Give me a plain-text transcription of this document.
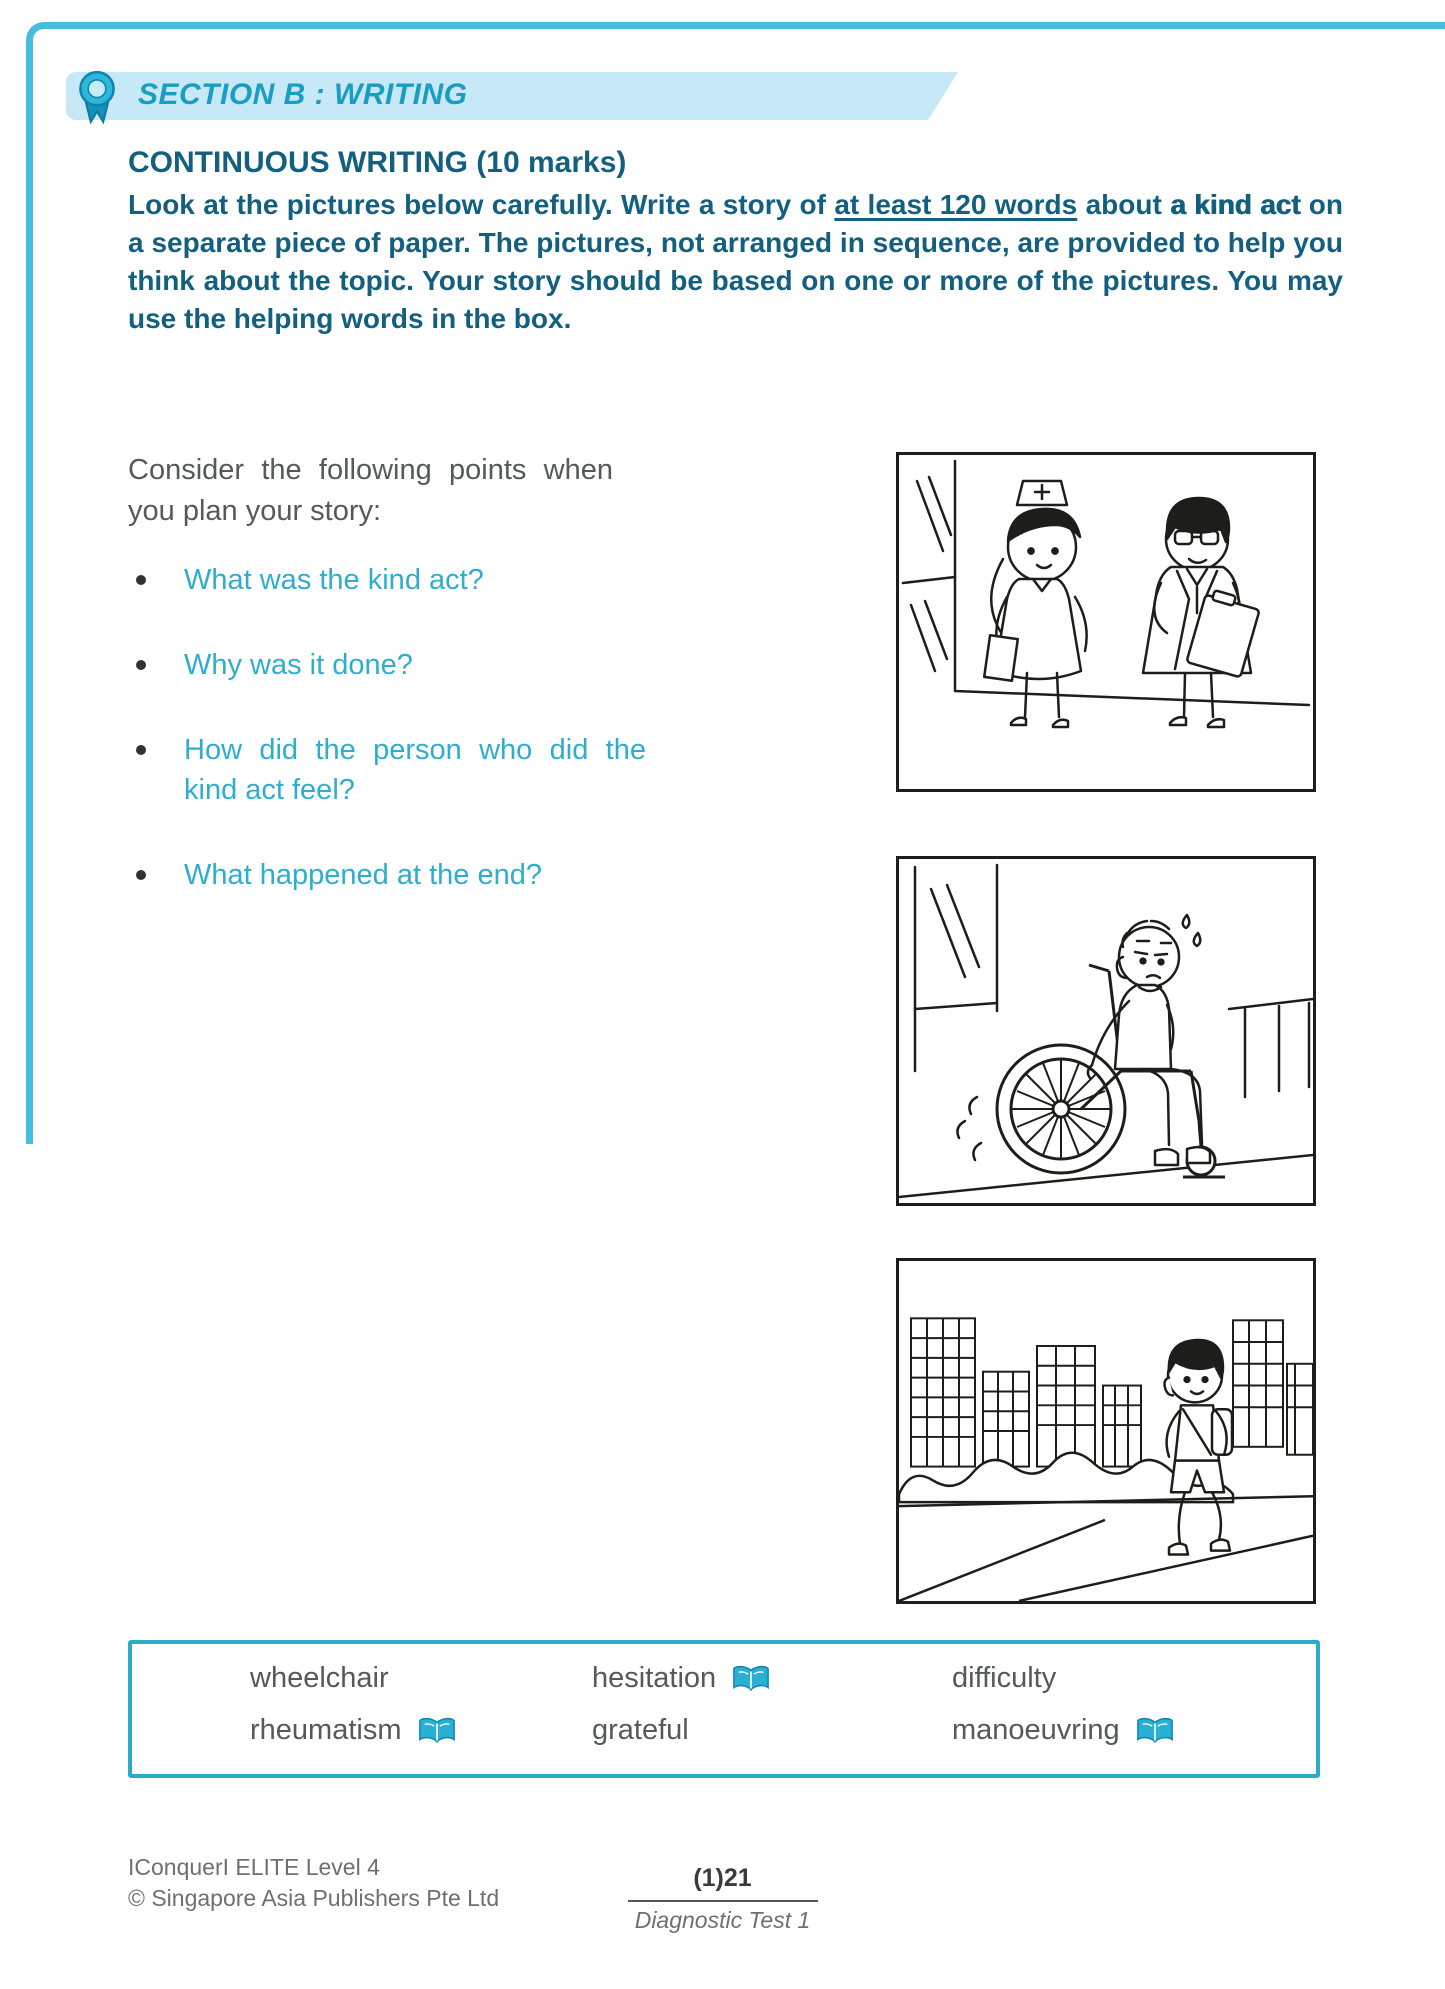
SECTION B : WRITING
CONTINUOUS WRITING (10 marks)
Look at the pictures below carefully. Write a story of at least 120 words about a kind act on a separate piece of paper. The pictures, not arranged in sequence, are provided to help you think about the topic. Your story should be based on one or more of the pictures. You may use the helping words in the box.
Consider the following points when you plan your story:
What was the kind act?
Why was it done?
How did the person who did the kind act feel?
What happened at the end?
wheelchair	hesitation	difficulty
rheumatism	grateful	manoeuvring
IConquerI ELITE Level 4
© Singapore Asia Publishers Pte Ltd
(1)21
Diagnostic Test 1
